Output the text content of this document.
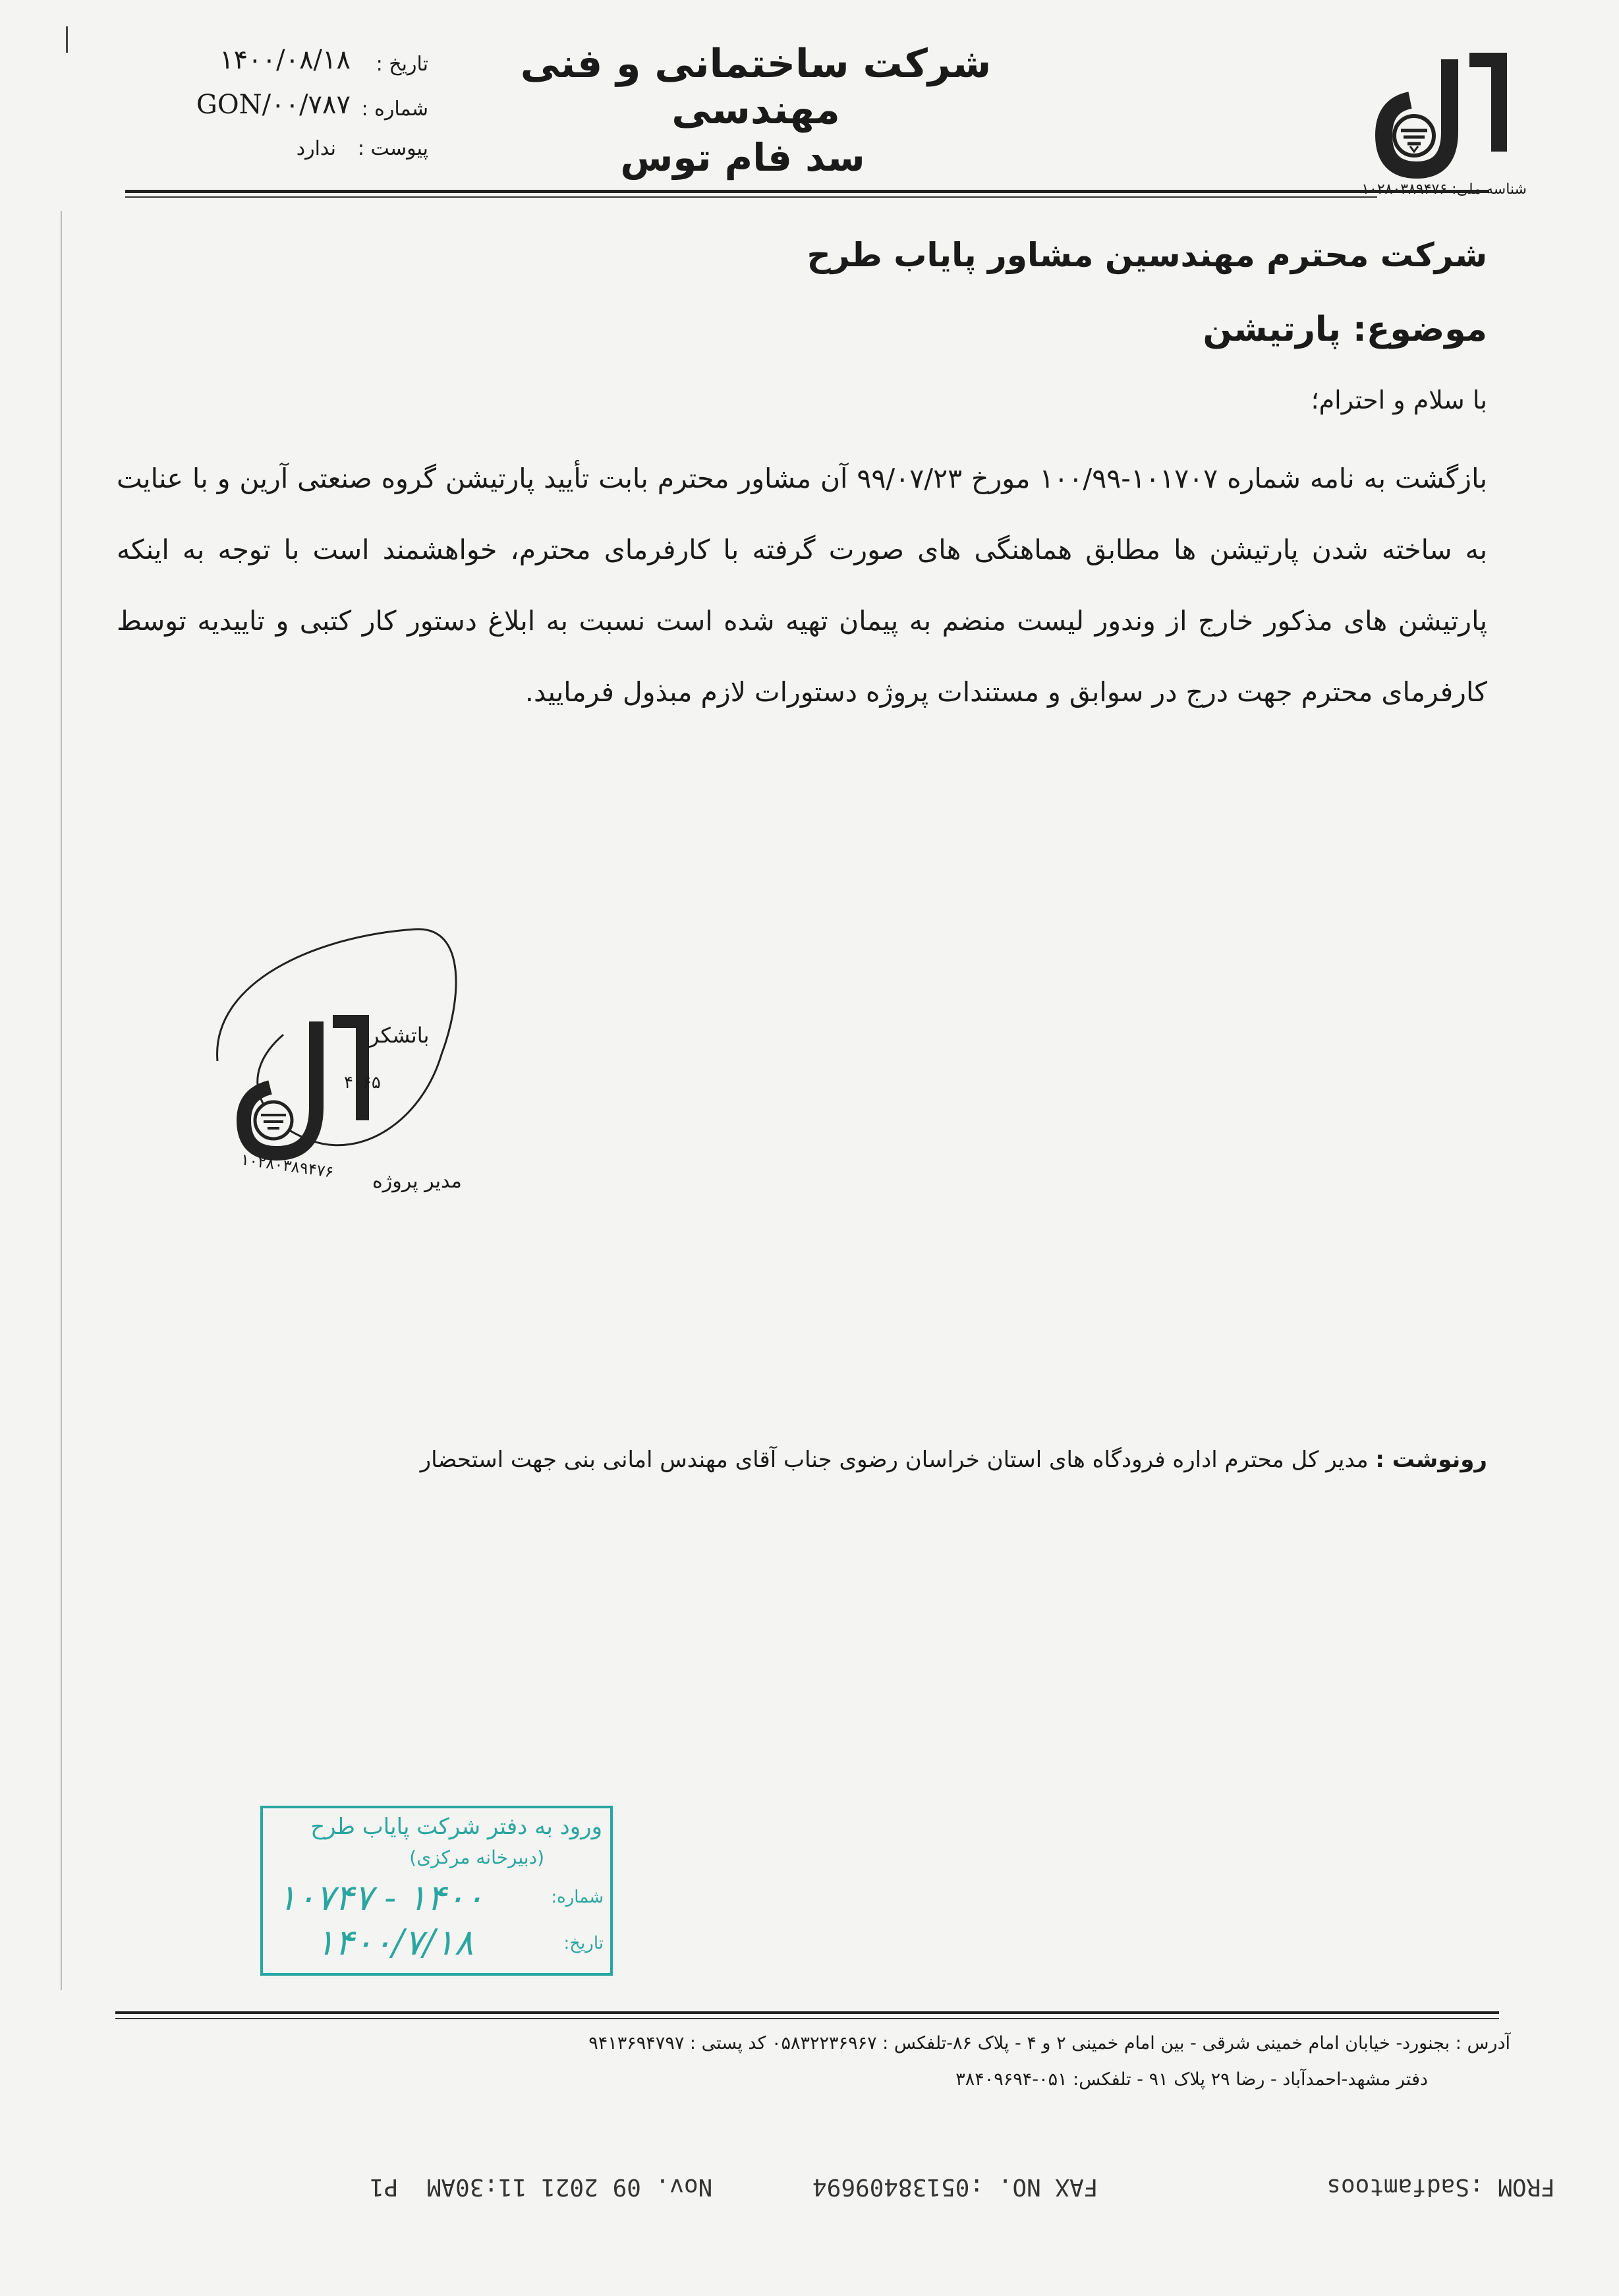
شرکت ساختمانی و فنی مهندسی
سد فام توس
تاریخ :
۱۴۰۰/۰۸/۱۸
شماره :
GON/۰۰/۷۸۷
پیوست :
ندارد
شناسه ملی: ۱۰۲۸۰۳۸۹۴۷۶
شرکت محترم مهندسین مشاور پایاب طرح
موضوع: پارتیشن
با سلام و احترام؛
بازگشت به نامه شماره ۱۰۱۷۰۷-۱۰۰/۹۹ مورخ ۹۹/۰۷/۲۳ آن مشاور محترم بابت تأیید پارتیشن گروه صنعتی آرین و با عنایت به ساخته شدن پارتیشن ها مطابق هماهنگی های صورت گرفته با کارفرمای محترم، خواهشمند است با توجه به اینکه پارتیشن های مذکور خارج از وندور لیست منضم به پیمان تهیه شده است نسبت به ابلاغ دستور کار کتبی و تاییدیه توسط کارفرمای محترم جهت درج در سوابق و مستندات پروژه دستورات لازم مبذول فرمایید.
باتشکر
۴۰۶۵
مدیر پروژه
۱۰۲۸۰۳۸۹۴۷۶
رونوشت : مدیر کل محترم اداره فرودگاه های استان خراسان رضوی جناب آقای مهندس امانی بنی جهت استحضار
ورود به دفتر شرکت پایاب طرح
(دبیرخانه مرکزی)
شماره:
۱۰۷۴۷ - ۱۴۰۰
تاریخ:
۱۴۰۰/۷/۱۸
آدرس : بجنورد- خیابان امام خمینی شرقی - بین امام خمینی ۲ و ۴ - پلاک ۸۶-تلفکس : ۰۵۸۳۲۲۳۶۹۶۷ کد پستی : ۹۴۱۳۶۹۴۷۹۷
دفتر مشهد-احمدآباد - رضا ۲۹ پلاک ۹۱ - تلفکس: ۰۵۱-۳۸۴۰۹۶۹۴
FROM :Sadfamtoos                FAX NO. :05138409694       Nov. 09 2021 11:30AM  P1
